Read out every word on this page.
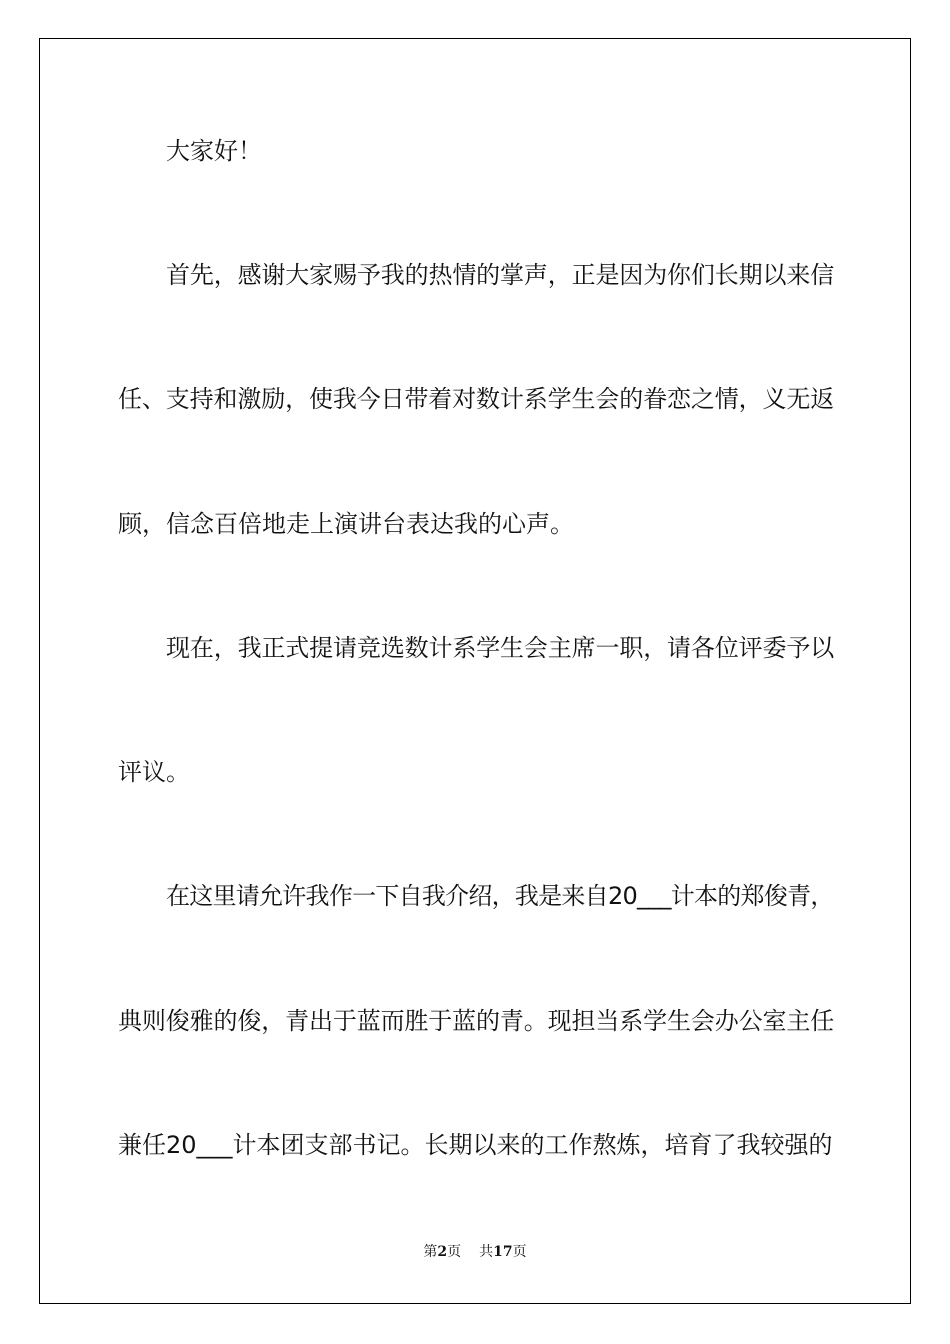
大家好！
首先，感谢大家赐予我的热情的掌声，正是因为你们长期以来信
任、支持和激励，使我今日带着对数计系学生会的眷恋之情，义无返
顾，信念百倍地走上演讲台表达我的心声。
现在，我正式提请竞选数计系学生会主席一职，请各位评委予以
评议。
在这里请允许我作一下自我介绍，我是来自20___计本的郑俊青，
典则俊雅的俊，青出于蓝而胜于蓝的青。现担当系学生会办公室主任
兼任20___计本团支部书记。长期以来的工作熬炼，培育了我较强的
第2页 共17页
